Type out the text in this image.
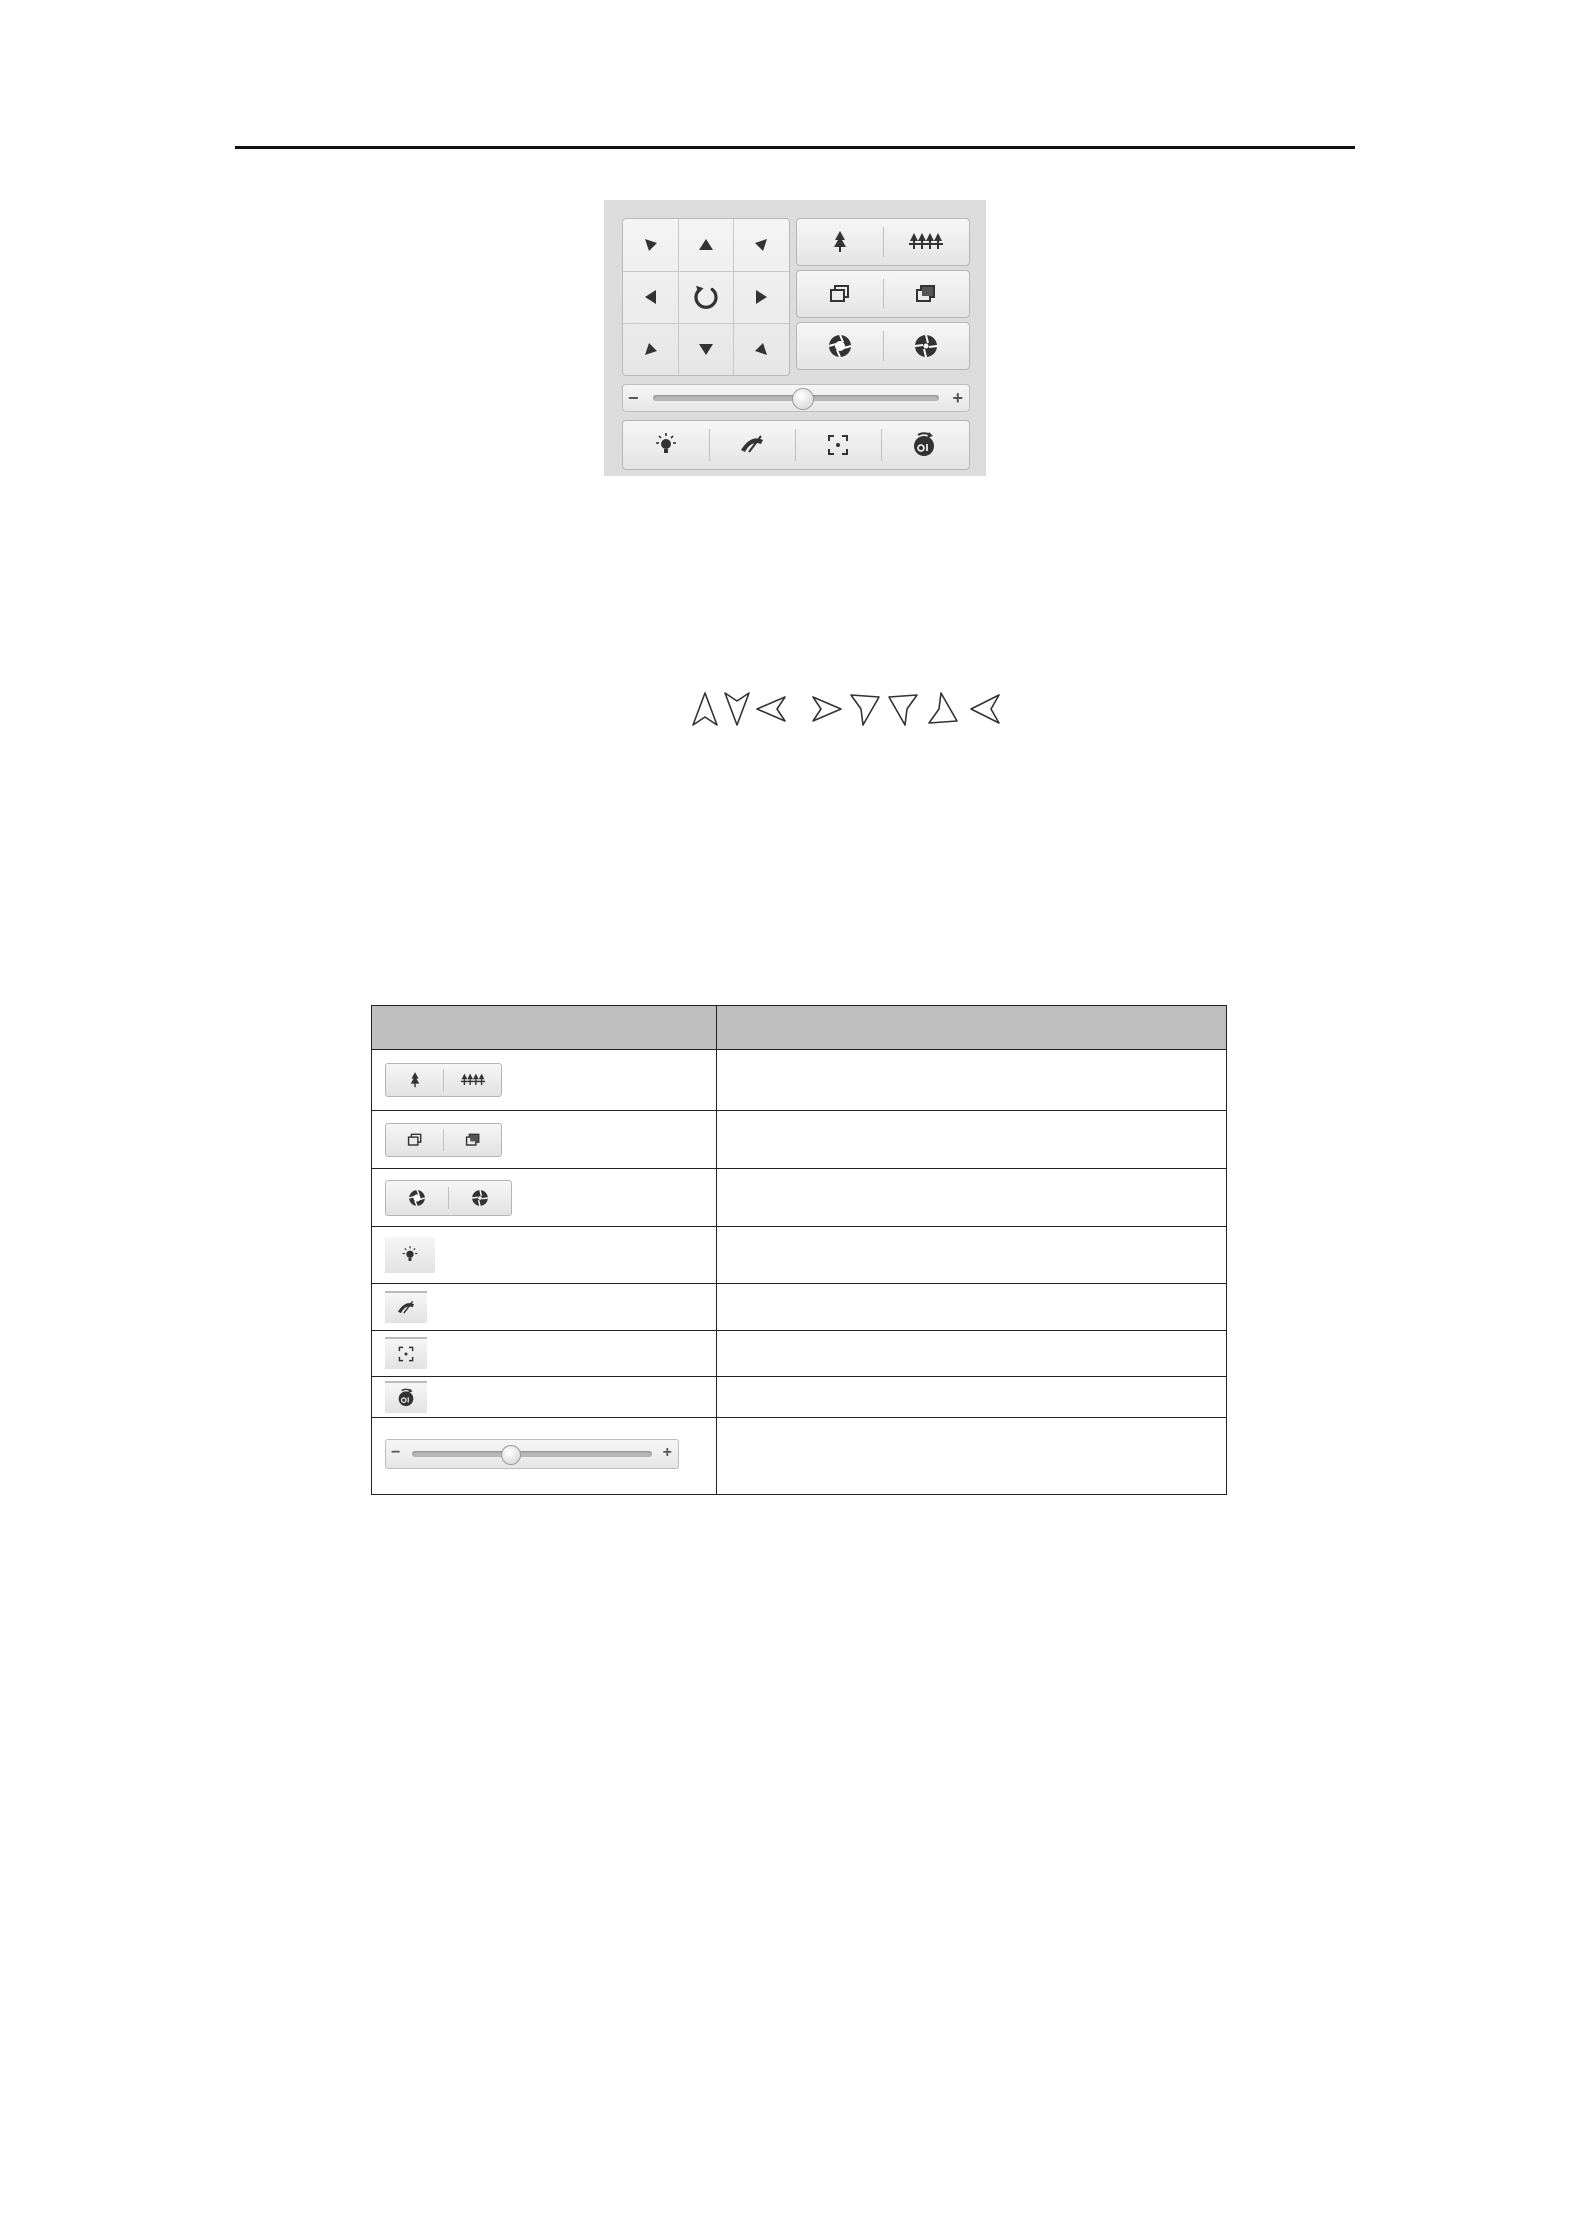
−	+

− +	
